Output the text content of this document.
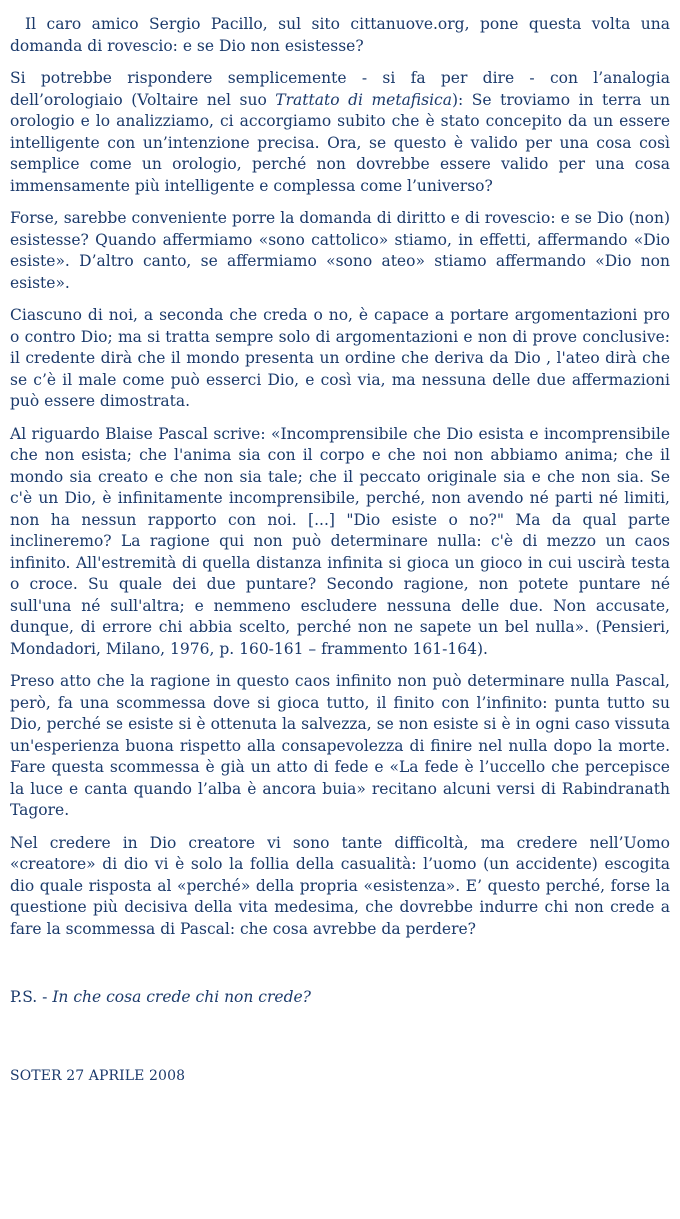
Il caro amico Sergio Pacillo, sul sito cittanuove.org, pone questa volta una domanda di rovescio: e se Dio non esistesse?

Si potrebbe rispondere semplicemente - si fa per dire - con l’analogia dell’orologiaio (Voltaire nel suo Trattato di metafisica): Se troviamo in terra un orologio e lo analizziamo, ci accorgiamo subito che è stato concepito da un essere intelligente con un’intenzione precisa. Ora, se questo è valido per una cosa così semplice come un orologio, perché non dovrebbe essere valido per una cosa immensamente più intelligente e complessa come l’universo?

Forse, sarebbe conveniente porre la domanda di diritto e di rovescio: e se Dio (non) esistesse? Quando affermiamo «sono cattolico» stiamo, in effetti, affermando «Dio esiste». D’altro canto, se affermiamo «sono ateo» stiamo affermando «Dio non esiste».

Ciascuno di noi, a seconda che creda o no, è capace a portare argomentazioni pro o contro Dio; ma si tratta sempre solo di argomentazioni e non di prove conclusive: il credente dirà che il mondo presenta un ordine che deriva da Dio , l'ateo dirà che se c’è il male come può esserci Dio, e così via, ma nessuna delle due affermazioni può essere dimostrata.

Al riguardo Blaise Pascal scrive: «Incomprensibile che Dio esista e incomprensibile che non esista; che l'anima sia con il corpo e che noi non abbiamo anima; che il mondo sia creato e che non sia tale; che il peccato originale sia e che non sia. Se c'è un Dio, è infinitamente incomprensibile, perché, non avendo né parti né limiti, non ha nessun rapporto con noi. [...] "Dio esiste o no?" Ma da qual parte inclineremo? La ragione qui non può determinare nulla: c'è di mezzo un caos infinito. All'estremità di quella distanza infinita si gioca un gioco in cui uscirà testa o croce. Su quale dei due puntare? Secondo ragione, non potete puntare né sull'una né sull'altra; e nemmeno escludere nessuna delle due. Non accusate, dunque, di errore chi abbia scelto, perché non ne sapete un bel nulla». (Pensieri, Mondadori, Milano, 1976, p. 160-161 – frammento 161-164).

Preso atto che la ragione in questo caos infinito non può determinare nulla Pascal, però, fa una scommessa dove si gioca tutto, il finito con l’infinito: punta tutto su Dio, perché se esiste si è ottenuta la salvezza, se non esiste si è in ogni caso vissuta un'esperienza buona rispetto alla consapevolezza di finire nel nulla dopo la morte. Fare questa scommessa è già un atto di fede e «La fede è l’uccello che percepisce la luce e canta quando l’alba è ancora buia» recitano alcuni versi di Rabindranath Tagore.

Nel credere in Dio creatore vi sono tante difficoltà, ma credere nell’Uomo «creatore» di dio vi è solo la follia della casualità: l’uomo (un accidente) escogita dio quale risposta al «perché» della propria «esistenza». E’ questo perché, forse la questione più decisiva della vita medesima, che dovrebbe indurre chi non crede a fare la scommessa di Pascal: che cosa avrebbe da perdere?

P.S. - In che cosa crede chi non crede?

SOTER 27 APRILE 2008
